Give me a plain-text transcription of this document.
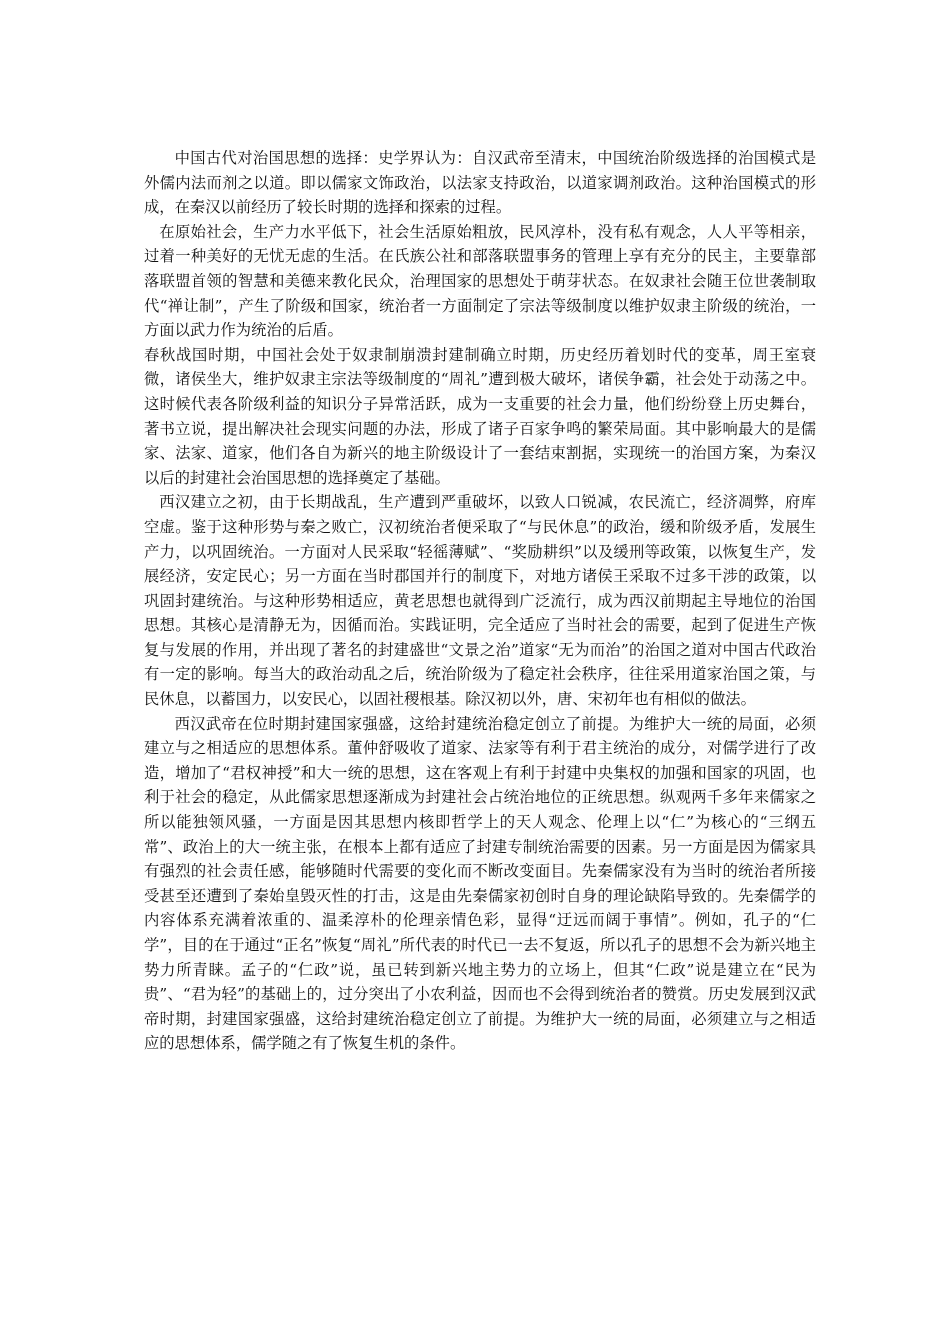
中国古代对治国思想的选择：史学界认为：自汉武帝至清末，中国统治阶级选择的治国模式是外儒内法而剂之以道。即以儒家文饰政治，以法家支持政治，以道家调剂政治。这种治国模式的形成，在秦汉以前经历了较长时期的选择和探索的过程。

在原始社会，生产力水平低下，社会生活原始粗放，民风淳朴，没有私有观念，人人平等相亲，过着一种美好的无忧无虑的生活。在氏族公社和部落联盟事务的管理上享有充分的民主，主要靠部落联盟首领的智慧和美德来教化民众，治理国家的思想处于萌芽状态。在奴隶社会随王位世袭制取代“禅让制”，产生了阶级和国家，统治者一方面制定了宗法等级制度以维护奴隶主阶级的统治，一方面以武力作为统治的后盾。

春秋战国时期，中国社会处于奴隶制崩溃封建制确立时期，历史经历着划时代的变革，周王室衰微，诸侯坐大，维护奴隶主宗法等级制度的“周礼”遭到极大破坏，诸侯争霸，社会处于动荡之中。这时候代表各阶级利益的知识分子异常活跃，成为一支重要的社会力量，他们纷纷登上历史舞台，著书立说，提出解决社会现实问题的办法，形成了诸子百家争鸣的繁荣局面。其中影响最大的是儒家、法家、道家，他们各自为新兴的地主阶级设计了一套结束割据，实现统一的治国方案，为秦汉以后的封建社会治国思想的选择奠定了基础。

西汉建立之初，由于长期战乱，生产遭到严重破坏，以致人口锐减，农民流亡，经济凋弊，府库空虚。鉴于这种形势与秦之败亡，汉初统治者便采取了“与民休息”的政治，缓和阶级矛盾，发展生产力，以巩固统治。一方面对人民采取“轻徭薄赋”、“奖励耕织”以及缓刑等政策，以恢复生产，发展经济，安定民心；另一方面在当时郡国并行的制度下，对地方诸侯王采取不过多干涉的政策，以巩固封建统治。与这种形势相适应，黄老思想也就得到广泛流行，成为西汉前期起主导地位的治国思想。其核心是清静无为，因循而治。实践证明，完全适应了当时社会的需要，起到了促进生产恢复与发展的作用，并出现了著名的封建盛世“文景之治”道家“无为而治”的治国之道对中国古代政治有一定的影响。每当大的政治动乱之后，统治阶级为了稳定社会秩序，往往采用道家治国之策，与民休息，以蓄国力，以安民心，以固社稷根基。除汉初以外，唐、宋初年也有相似的做法。

西汉武帝在位时期封建国家强盛，这给封建统治稳定创立了前提。为维护大一统的局面，必须建立与之相适应的思想体系。董仲舒吸收了道家、法家等有利于君主统治的成分，对儒学进行了改造，增加了“君权神授”和大一统的思想，这在客观上有利于封建中央集权的加强和国家的巩固，也利于社会的稳定，从此儒家思想逐渐成为封建社会占统治地位的正统思想。纵观两千多年来儒家之所以能独领风骚，一方面是因其思想内核即哲学上的天人观念、伦理上以“仁”为核心的“三纲五常”、政治上的大一统主张，在根本上都有适应了封建专制统治需要的因素。另一方面是因为儒家具有强烈的社会责任感，能够随时代需要的变化而不断改变面目。先秦儒家没有为当时的统治者所接受甚至还遭到了秦始皇毁灭性的打击，这是由先秦儒家初创时自身的理论缺陷导致的。先秦儒学的内容体系充满着浓重的、温柔淳朴的伦理亲情色彩，显得“迂远而阔于事情”。例如，孔子的“仁学”，目的在于通过“正名”恢复“周礼”所代表的时代已一去不复返，所以孔子的思想不会为新兴地主势力所青睐。孟子的“仁政”说，虽已转到新兴地主势力的立场上，但其“仁政”说是建立在“民为贵”、“君为轻”的基础上的，过分突出了小农利益，因而也不会得到统治者的赞赏。历史发展到汉武帝时期，封建国家强盛，这给封建统治稳定创立了前提。为维护大一统的局面，必须建立与之相适应的思想体系，儒学随之有了恢复生机的条件。
